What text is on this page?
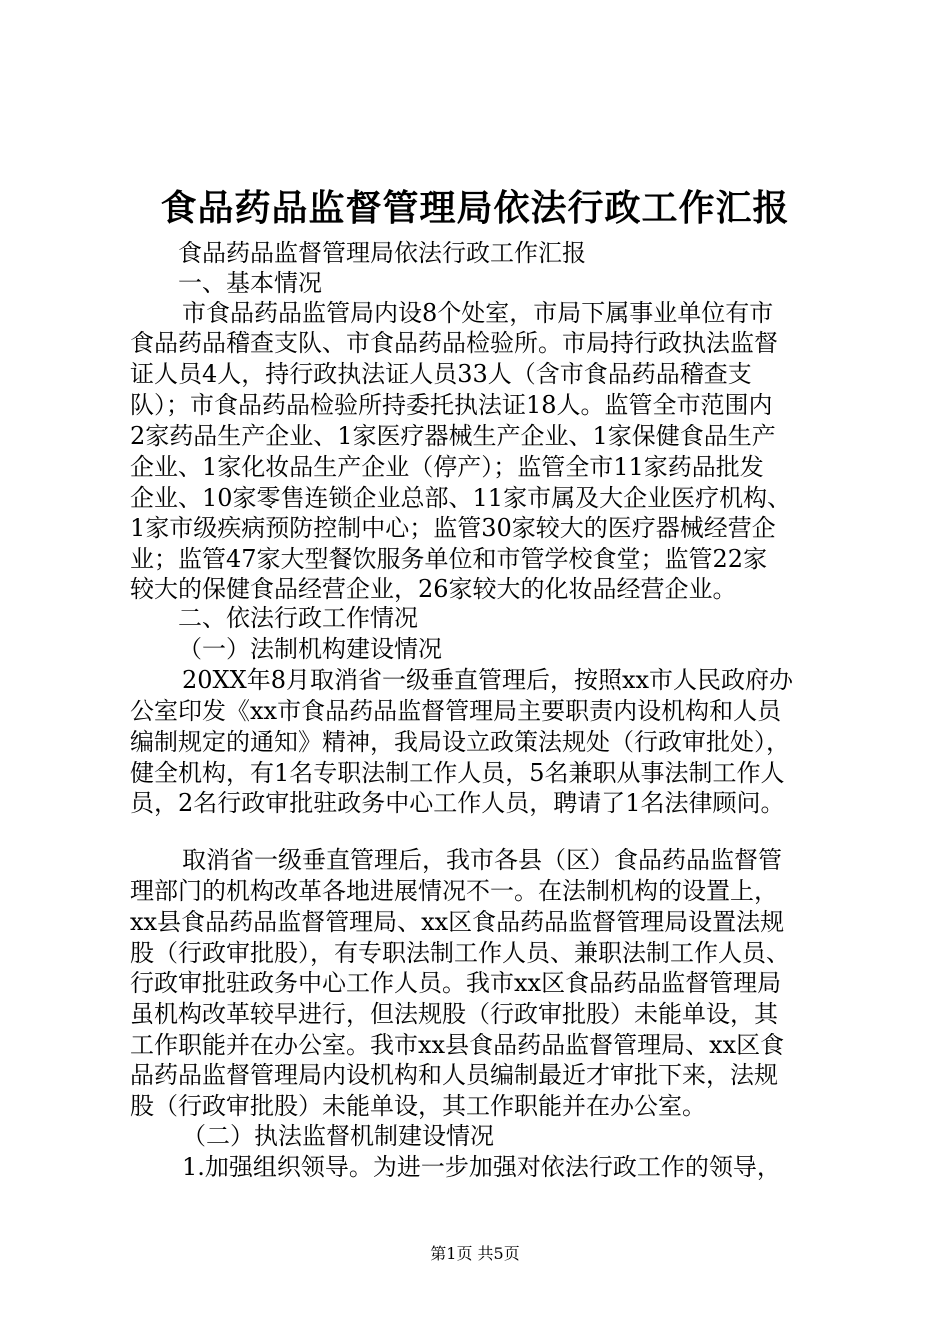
食品药品监督管理局依法行政工作汇报
食品药品监督管理局依法行政工作汇报
一、基本情况
市食品药品监管局内设8个处室，市局下属事业单位有市
食品药品稽查支队、市食品药品检验所。市局持行政执法监督
证人员4人，持行政执法证人员33人（含市食品药品稽查支
队）；市食品药品检验所持委托执法证18人。监管全市范围内
2家药品生产企业、1家医疗器械生产企业、1家保健食品生产
企业、1家化妆品生产企业（停产）；监管全市11家药品批发
企业、10家零售连锁企业总部、11家市属及大企业医疗机构、
1家市级疾病预防控制中心；监管30家较大的医疗器械经营企
业；监管47家大型餐饮服务单位和市管学校食堂；监管22家
较大的保健食品经营企业，26家较大的化妆品经营企业。
二、依法行政工作情况
（一）法制机构建设情况
20XX年8月取消省一级垂直管理后，按照xx市人民政府办
公室印发《xx市食品药品监督管理局主要职责内设机构和人员
编制规定的通知》精神，我局设立政策法规处（行政审批处），
健全机构，有1名专职法制工作人员，5名兼职从事法制工作人
员，2名行政审批驻政务中心工作人员，聘请了1名法律顾问。
取消省一级垂直管理后，我市各县（区）食品药品监督管
理部门的机构改革各地进展情况不一。在法制机构的设置上，
xx县食品药品监督管理局、xx区食品药品监督管理局设置法规
股（行政审批股），有专职法制工作人员、兼职法制工作人员、
行政审批驻政务中心工作人员。我市xx区食品药品监督管理局
虽机构改革较早进行，但法规股（行政审批股）未能单设，其
工作职能并在办公室。我市xx县食品药品监督管理局、xx区食
品药品监督管理局内设机构和人员编制最近才审批下来，法规
股（行政审批股）未能单设，其工作职能并在办公室。
（二）执法监督机制建设情况
1.加强组织领导。为进一步加强对依法行政工作的领导，
第1页 共5页
